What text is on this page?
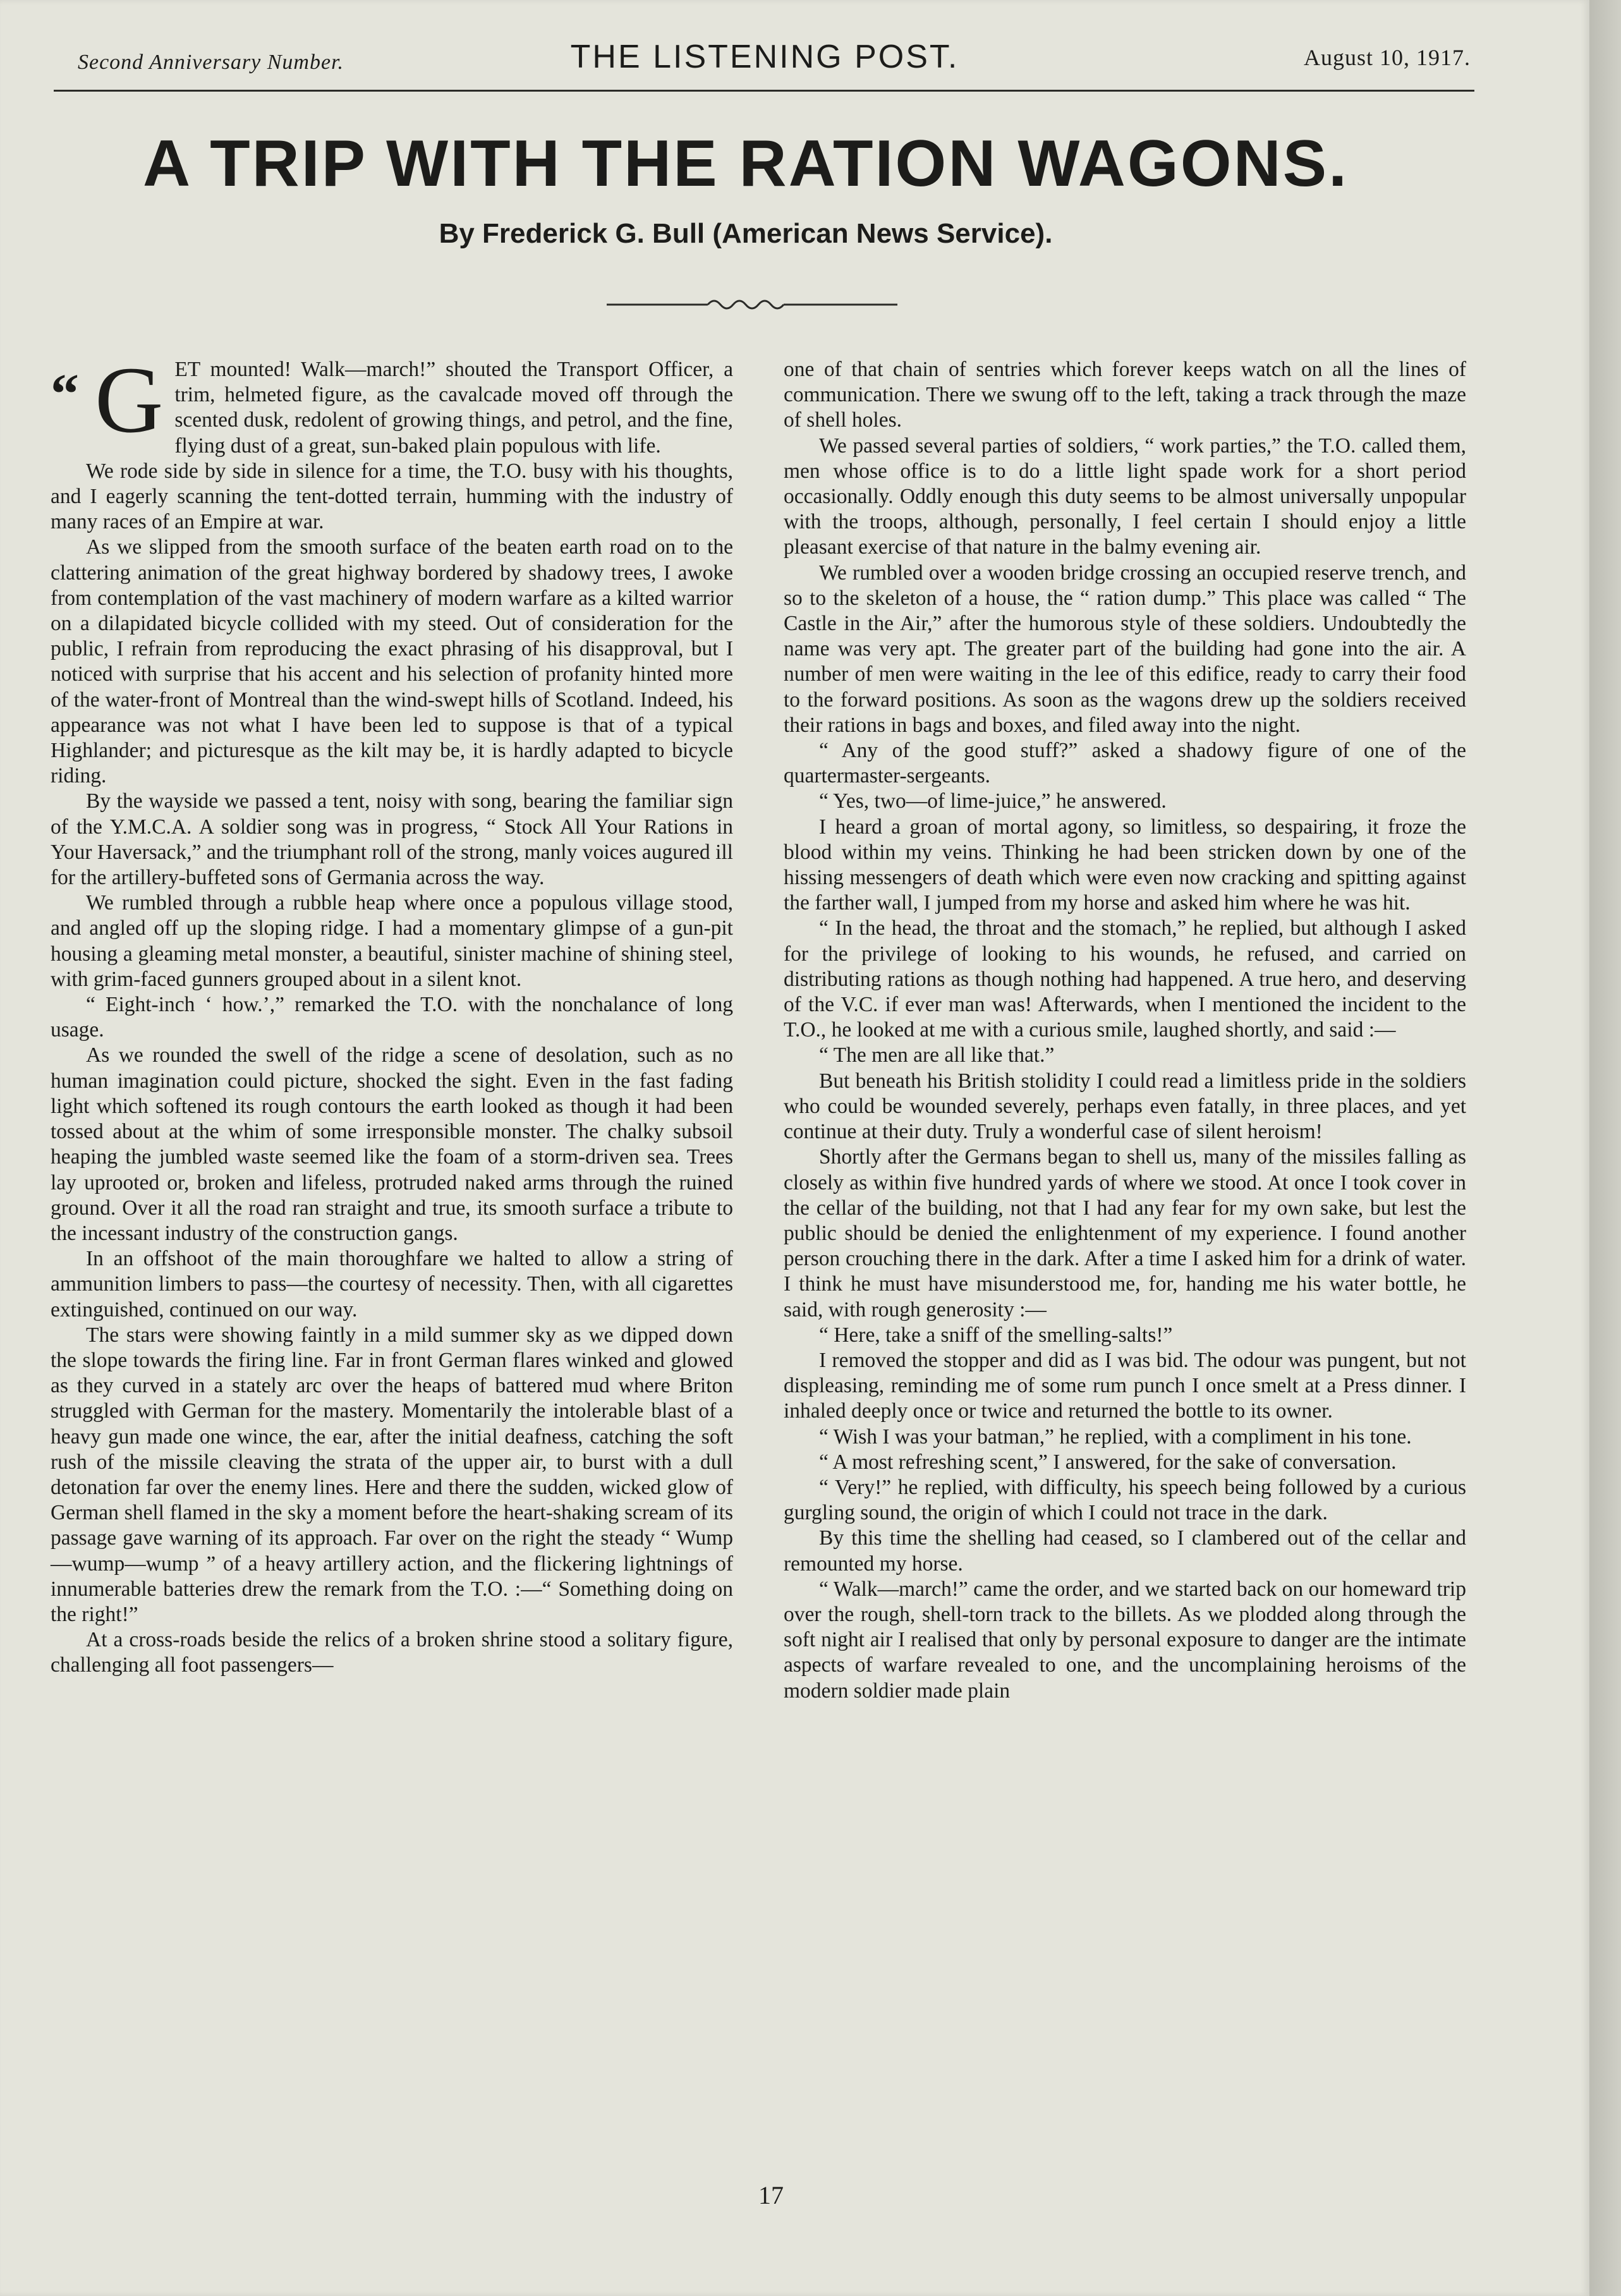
Second Anniversary Number.	THE LISTENING POST.	August 10, 1917.
A TRIP WITH THE RATION WAGONS.
By Frederick G. Bull (American News Service).
“ GET mounted! Walk—march!” shouted the Transport Officer, a trim, helmeted figure, as the cavalcade moved off through the scented dusk, redolent of growing things, and petrol, and the fine, flying dust of a great, sun-baked plain populous with life.

We rode side by side in silence for a time, the T.O. busy with his thoughts, and I eagerly scanning the tent-dotted terrain, humming with the industry of many races of an Empire at war.

As we slipped from the smooth surface of the beaten earth road on to the clattering animation of the great highway bordered by shadowy trees, I awoke from contemplation of the vast machinery of modern warfare as a kilted warrior on a dilapidated bicycle collided with my steed. Out of consideration for the public, I refrain from reproducing the exact phrasing of his disapproval, but I noticed with surprise that his accent and his selection of profanity hinted more of the water-front of Montreal than the wind-swept hills of Scotland. Indeed, his appearance was not what I have been led to suppose is that of a typical Highlander; and picturesque as the kilt may be, it is hardly adapted to bicycle riding.

By the wayside we passed a tent, noisy with song, bearing the familiar sign of the Y.M.C.A. A soldier song was in progress, “ Stock All Your Rations in Your Haversack,” and the triumphant roll of the strong, manly voices augured ill for the artillery-buffeted sons of Germania across the way.

We rumbled through a rubble heap where once a populous village stood, and angled off up the sloping ridge. I had a momentary glimpse of a gun-pit housing a gleaming metal monster, a beautiful, sinister machine of shining steel, with grim-faced gunners grouped about in a silent knot.

“ Eight-inch ‘ how.’,” remarked the T.O. with the nonchalance of long usage.

As we rounded the swell of the ridge a scene of desolation, such as no human imagination could picture, shocked the sight. Even in the fast fading light which softened its rough contours the earth looked as though it had been tossed about at the whim of some irresponsible monster. The chalky subsoil heaping the jumbled waste seemed like the foam of a storm-driven sea. Trees lay uprooted or, broken and lifeless, protruded naked arms through the ruined ground. Over it all the road ran straight and true, its smooth surface a tribute to the incessant industry of the construction gangs.

In an offshoot of the main thoroughfare we halted to allow a string of ammunition limbers to pass—the courtesy of necessity. Then, with all cigarettes extinguished, continued on our way.

The stars were showing faintly in a mild summer sky as we dipped down the slope towards the firing line. Far in front German flares winked and glowed as they curved in a stately arc over the heaps of battered mud where Briton struggled with German for the mastery. Momentarily the intolerable blast of a heavy gun made one wince, the ear, after the initial deafness, catching the soft rush of the missile cleaving the strata of the upper air, to burst with a dull detonation far over the enemy lines. Here and there the sudden, wicked glow of German shell flamed in the sky a moment before the heart-shaking scream of its passage gave warning of its approach. Far over on the right the steady “ Wump—wump—wump ” of a heavy artillery action, and the flickering lightnings of innumerable batteries drew the remark from the T.O. :—“ Something doing on the right!”

At a cross-roads beside the relics of a broken shrine stood a solitary figure, challenging all foot passengers—

one of that chain of sentries which forever keeps watch on all the lines of communication. There we swung off to the left, taking a track through the maze of shell holes.

We passed several parties of soldiers, “ work parties,” the T.O. called them, men whose office is to do a little light spade work for a short period occasionally. Oddly enough this duty seems to be almost universally unpopular with the troops, although, personally, I feel certain I should enjoy a little pleasant exercise of that nature in the balmy evening air.

We rumbled over a wooden bridge crossing an occupied reserve trench, and so to the skeleton of a house, the “ ration dump.” This place was called “ The Castle in the Air,” after the humorous style of these soldiers. Undoubtedly the name was very apt. The greater part of the building had gone into the air. A number of men were waiting in the lee of this edifice, ready to carry their food to the forward positions. As soon as the wagons drew up the soldiers received their rations in bags and boxes, and filed away into the night.

“ Any of the good stuff?” asked a shadowy figure of one of the quartermaster-sergeants.

“ Yes, two—of lime-juice,” he answered.

I heard a groan of mortal agony, so limitless, so despairing, it froze the blood within my veins. Thinking he had been stricken down by one of the hissing messengers of death which were even now cracking and spitting against the farther wall, I jumped from my horse and asked him where he was hit.

“ In the head, the throat and the stomach,” he replied, but although I asked for the privilege of looking to his wounds, he refused, and carried on distributing rations as though nothing had happened. A true hero, and deserving of the V.C. if ever man was! Afterwards, when I mentioned the incident to the T.O., he looked at me with a curious smile, laughed shortly, and said :—

“ The men are all like that.”

But beneath his British stolidity I could read a limitless pride in the soldiers who could be wounded severely, perhaps even fatally, in three places, and yet continue at their duty. Truly a wonderful case of silent heroism!

Shortly after the Germans began to shell us, many of the missiles falling as closely as within five hundred yards of where we stood. At once I took cover in the cellar of the building, not that I had any fear for my own sake, but lest the public should be denied the enlightenment of my experience. I found another person crouching there in the dark. After a time I asked him for a drink of water. I think he must have misunderstood me, for, handing me his water bottle, he said, with rough generosity :—

“ Here, take a sniff of the smelling-salts!”

I removed the stopper and did as I was bid. The odour was pungent, but not displeasing, reminding me of some rum punch I once smelt at a Press dinner. I inhaled deeply once or twice and returned the bottle to its owner.

“ Wish I was your batman,” he replied, with a compliment in his tone.

“ A most refreshing scent,” I answered, for the sake of conversation.

“ Very!” he replied, with difficulty, his speech being followed by a curious gurgling sound, the origin of which I could not trace in the dark.

By this time the shelling had ceased, so I clambered out of the cellar and remounted my horse.

“ Walk—march!” came the order, and we started back on our homeward trip over the rough, shell-torn track to the billets. As we plodded along through the soft night air I realised that only by personal exposure to danger are the intimate aspects of warfare revealed to one, and the uncomplaining heroisms of the modern soldier made plain

17
